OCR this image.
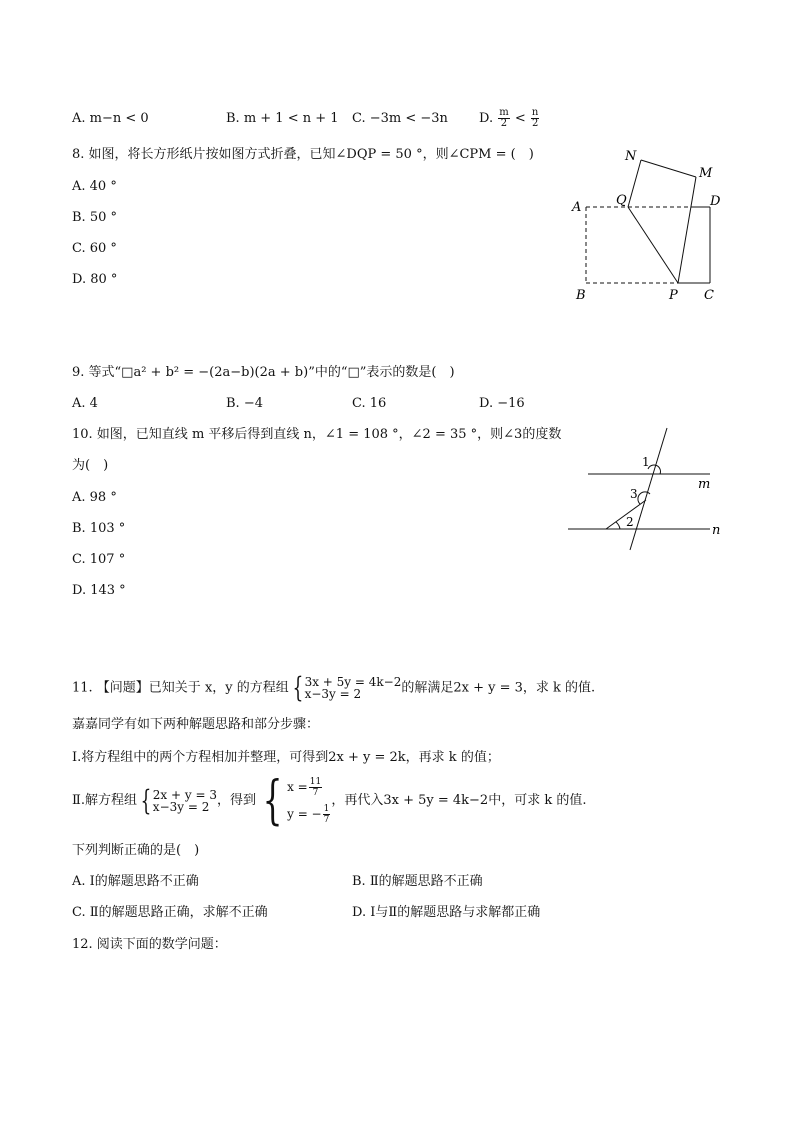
A. m−n < 0	B. m + 1 < n + 1 C. −3m < −3n D. $\frac{m}{2} < \frac{n}{2}$
8. 如图，将长方形纸片按如图方式折叠，已知∠DQP = 50 °，则∠CPM = (　)
A. 40 °
B. 50 °
C. 60 °
D. 80 °
N
M
A	Q	D
B	P C
9. 等式“□a² + b² = −(2a−b)(2a + b)”中的“□”表示的数是(　)
A. 4	B. −4	C. 16	D. −16
10. 如图，已知直线 m 平移后得到直线 n，∠1 = 108 °，∠2 = 35 °，则∠3的度数
为(　)
A. 98 °
B. 103 °
C. 107 °
D. 143 °
1
3
2
m
n
11. 【问题】已知关于 x，y 的方程组 { 3x + 5y = 4k−2
x−3y = 2	的解满足2x + y = 3，求 k 的值.
嘉嘉同学有如下两种解题思路和部分步骤：
Ⅰ.将方程组中的两个方程相加并整理，可得到2x + y = 2k，再求 k 的值；
Ⅱ.解方程组 { 2x + y = 3
x−3y = 2 ，得到 { $x = \frac{11}{7}$
y = − $\frac{1}{7}$
，再代入3x + 5y = 4k−2中，可求 k 的值.
下列判断正确的是(　)
A. Ⅰ的解题思路不正确	B. Ⅱ的解题思路不正确
C. Ⅱ的解题思路正确，求解不正确	D. Ⅰ与Ⅱ的解题思路与求解都正确
12. 阅读下面的数学问题：
